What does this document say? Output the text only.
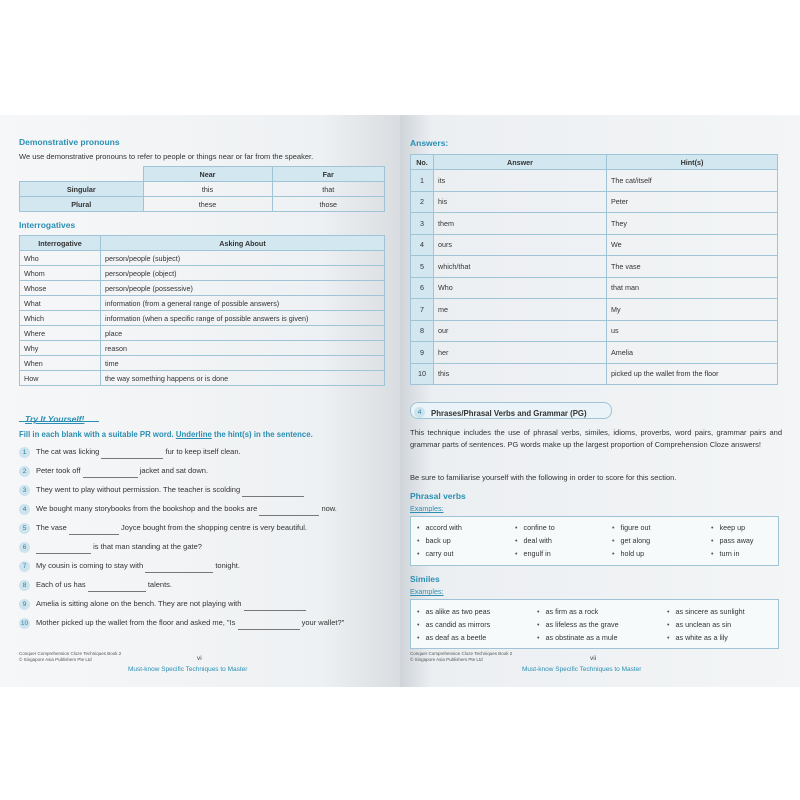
Demonstrative pronouns
We use demonstrative pronouns to refer to people or things near or far from the speaker.
	Near	Far
Singular	this	that
Plural	these	those
Interrogatives
Interrogative	Asking About
Who	person/people (subject)
Whom	person/people (object)
Whose	person/people (possessive)
What	information (from a general range of possible answers)
Which	information (when a specific range of possible answers is given)
Where	place
Why	reason
When	time
How	the way something happens or is done
Try It Yourself!
Fill in each blank with a suitable PR word. Underline the hint(s) in the sentence.
1 The cat was licking	fur to keep itself clean.
2 Peter took off	jacket and sat down.
3 They went to play without permission. The teacher is scolding
4 We bought many storybooks from the bookshop and the books are	now.
5 The vase	Joyce bought from the shopping centre is very beautiful.
6	is that man standing at the gate?
7 My cousin is coming to stay with	tonight.
8 Each of us has	talents.
9 Amelia is sitting alone on the bench. They are not playing with
10 Mother picked up the wallet from the floor and asked me, "Is	your wallet?"
Conquer Comprehension Cloze Techniques Book 2
© Singapore Asia Publishers Pte Ltd	vi
Must-know Specific Techniques to Master
Answers:
No.	Answer	Hint(s)
1	its	The cat/itself
2	his	Peter
3	them	They
4	ours	We
5	which/that	The vase
6	Who	that man
7	me	My
8	our	us
9	her	Amelia
10	this	picked up the wallet from the floor
4 Phrases/Phrasal Verbs and Grammar (PG)
This technique includes the use of phrasal verbs, similes, idioms, proverbs, word pairs, grammar pairs and grammar parts of sentences. PG words make up the largest proportion of Comprehension Cloze answers!
Be sure to familiarise yourself with the following in order to score for this section.
Phrasal verbs
Examples:
• accord with
• back up
• carry out
• confine to
• deal with
• engulf in
• figure out
• get along
• hold up
• keep up
• pass away
• turn in
Similes
Examples:
• as alike as two peas
• as candid as mirrors
• as deaf as a beetle
• as firm as a rock
• as lifeless as the grave
• as obstinate as a mule
• as sincere as sunlight
• as unclean as sin
• as white as a lily
Conquer Comprehension Cloze Techniques Book 2
© Singapore Asia Publishers Pte Ltd	vii
Must-know Specific Techniques to Master
